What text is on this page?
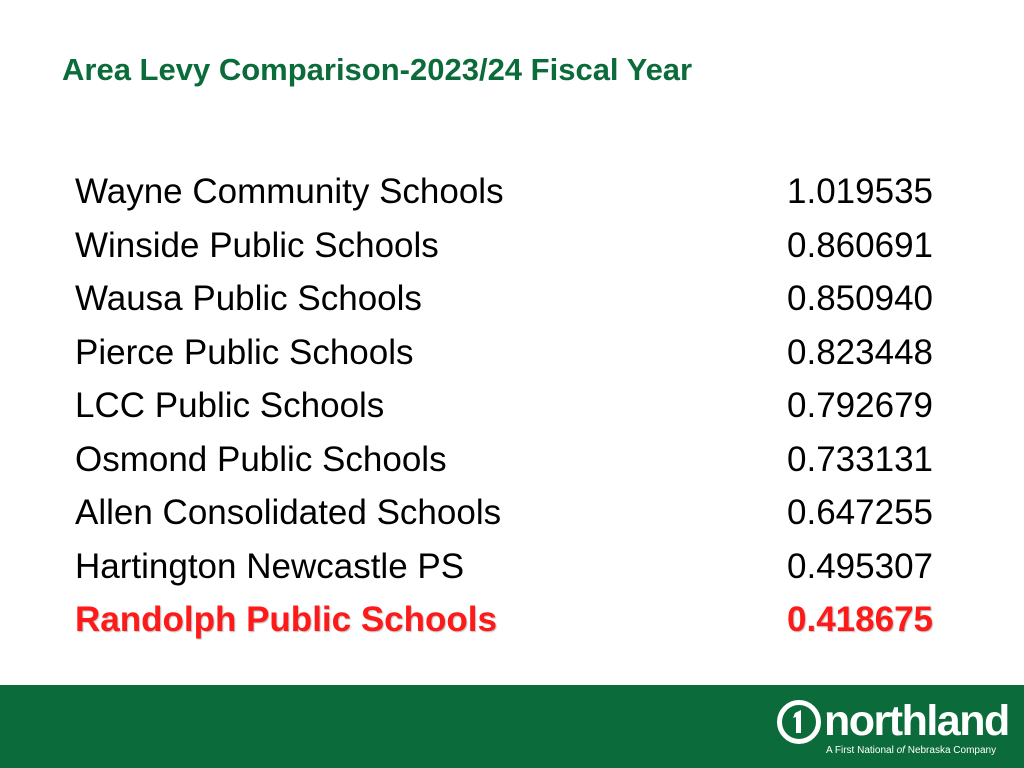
Area Levy Comparison-2023/24 Fiscal Year
Wayne Community Schools	1.019535
Winside Public Schools	0.860691
Wausa Public Schools	0.850940
Pierce Public Schools	0.823448
LCC Public Schools	0.792679
Osmond Public Schools	0.733131
Allen Consolidated Schools	0.647255
Hartington Newcastle PS	0.495307
Randolph Public Schools	0.418675
northland
A First National of Nebraska Company
